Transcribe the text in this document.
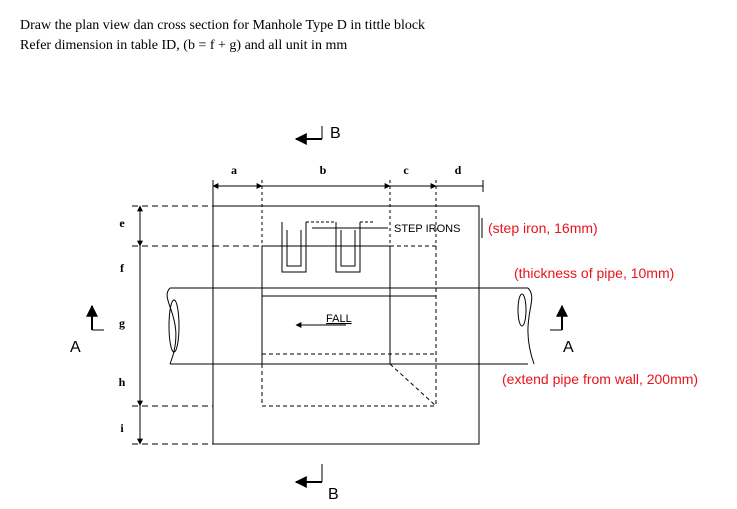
Draw the plan view dan cross section for Manhole Type D in tittle block
Refer dimension in table ID, (b = f + g) and all unit in mm
a	b	c	d
e
f
g
h
i
B
B
A	A
STEP IRONS
FALL
(step iron, 16mm)
(thickness of pipe, 10mm)
(extend pipe from wall, 200mm)
